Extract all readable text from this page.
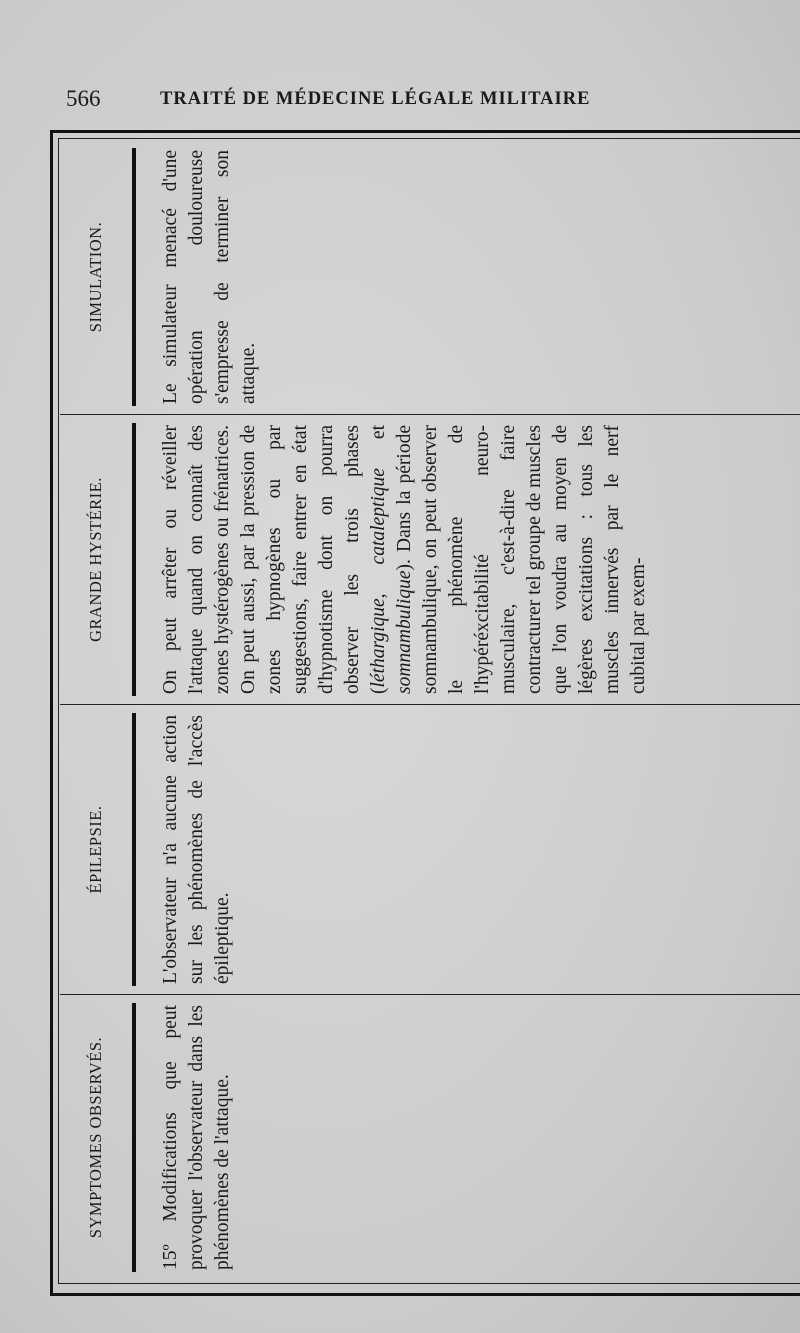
566	TRAITÉ DE MÉDECINE LÉGALE MILITAIRE
SYMPTOMES OBSERVÉS.	15º Modifications que peut provoquer l'observateur dans les phénomènes de l'attaque.
ÉPILEPSIE.	L'observateur n'a aucune action sur les phénomènes de l'accès épileptique.
GRANDE HYSTÉRIE.	On peut arrêter ou réveiller l'attaque quand on connaît des zones hystérogènes ou frénatrices. On peut aussi, par la pression de zones hypnogènes ou par suggestions, faire entrer en état d'hypnotisme dont on pourra observer les trois phases (léthargique, cataleptique et somnambulique). Dans la période somnambulique, on peut observer le phénomène de l'hypéréxcitabilité neuro-musculaire, c'est-à-dire faire contracturer tel groupe de muscles que l'on voudra au moyen de légères excitations : tous les muscles innervés par le nerf cubital par exem-
SIMULATION.	Le simulateur menacé d'une opération douloureuse s'empresse de terminer son attaque.
